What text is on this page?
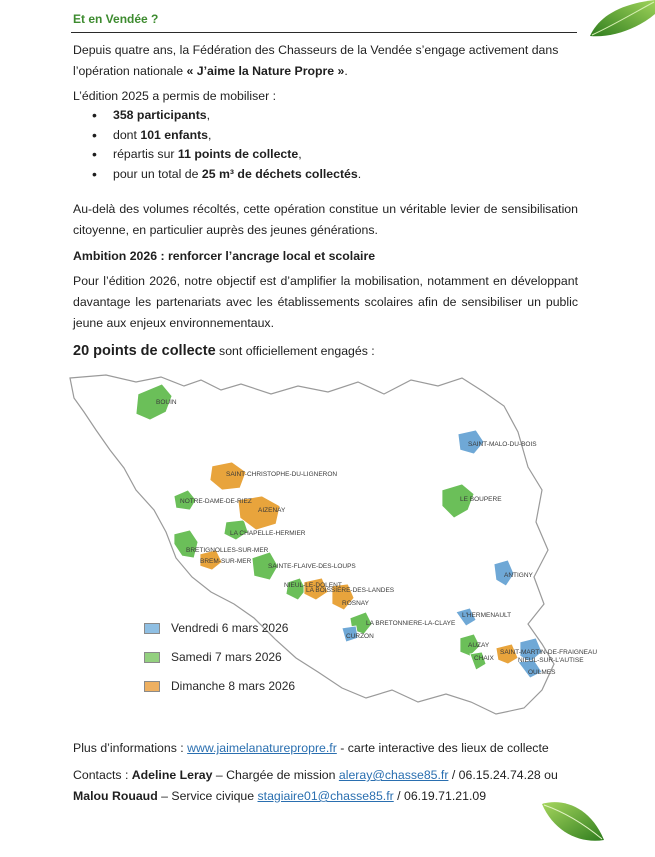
Et en Vendée ?

Depuis quatre ans, la Fédération des Chasseurs de la Vendée s’engage activement dans

l’opération nationale « J’aime la Nature Propre ».

L’édition 2025 a permis de mobiliser :

• 358 participants,
• dont 101 enfants,
• répartis sur 11 points de collecte,
• pour un total de 25 m³ de déchets collectés.

Au-delà des volumes récoltés, cette opération constitue un véritable levier de sensibilisation citoyenne, en particulier auprès des jeunes générations.

Ambition 2026 : renforcer l’ancrage local et scolaire

Pour l’édition 2026, notre objectif est d’amplifier la mobilisation, notamment en développant davantage les partenariats avec les établissements scolaires afin de sensibiliser un public jeune aux enjeux environnementaux.

20 points de collecte sont officiellement engagés :

BOUIN
SAINT-MALO-DU-BOIS
SAINT-CHRISTOPHE-DU-LIGNERON
NOTRE-DAME-DE-RIEZ
AIZENAY
LE BOUPERE
LA CHAPELLE-HERMIER
BRETIGNOLLES-SUR-MER
BREM-SUR-MER
SAINTE-FLAIVE-DES-LOUPS
ANTIGNY
NIEUL-LE-DOLENT
LA BOISSIERE-DES-LANDES
ROSNAY
L'HERMENAULT
LA BRETONNIERE-LA-CLAYE
CURZON
AUZAY
CHAIX
SAINT-MARTIN-DE-FRAIGNEAU
NIEUL-SUR-L'AUTISE
OULMES
Vendredi 6 mars 2026
Samedi 7 mars 2026
Dimanche 8 mars 2026

Plus d’informations : www.jaimelanaturepropre.fr - carte interactive des lieux de collecte

Contacts : Adeline Leray – Chargée de mission aleray@chasse85.fr / 06.15.24.74.28 ou

Malou Rouaud – Service civique stagiaire01@chasse85.fr / 06.19.71.21.09
